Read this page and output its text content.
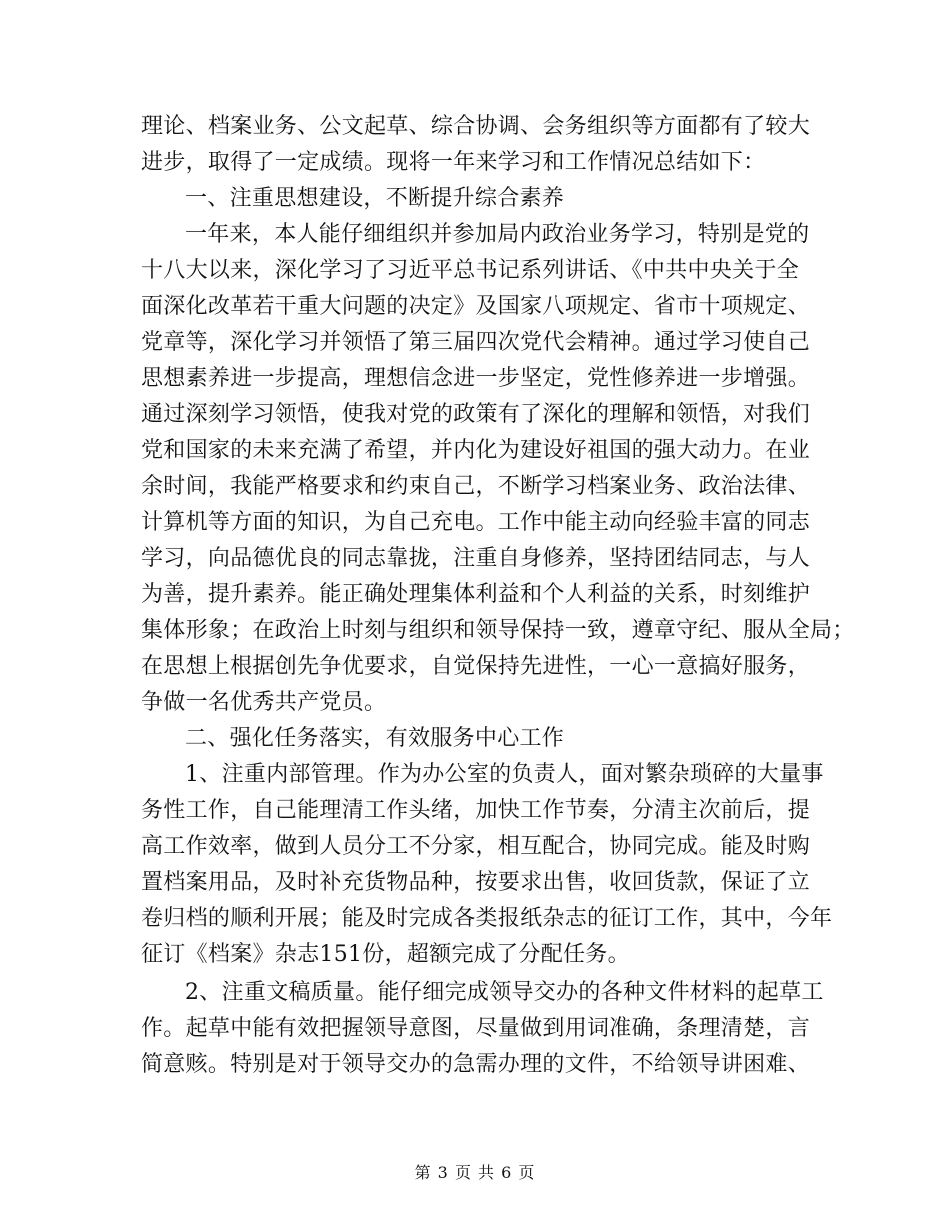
理论、档案业务、公文起草、综合协调、会务组织等方面都有了较大
进步，取得了一定成绩。现将一年来学习和工作情况总结如下：
一、注重思想建设，不断提升综合素养
一年来，本人能仔细组织并参加局内政治业务学习，特别是党的
十八大以来，深化学习了习近平总书记系列讲话、《中共中央关于全
面深化改革若干重大问题的决定》及国家八项规定、省市十项规定、
党章等，深化学习并领悟了第三届四次党代会精神。通过学习使自己
思想素养进一步提高，理想信念进一步坚定，党性修养进一步增强。
通过深刻学习领悟，使我对党的政策有了深化的理解和领悟，对我们
党和国家的未来充满了希望，并内化为建设好祖国的强大动力。在业
余时间，我能严格要求和约束自己，不断学习档案业务、政治法律、
计算机等方面的知识，为自己充电。工作中能主动向经验丰富的同志
学习，向品德优良的同志靠拢，注重自身修养，坚持团结同志，与人
为善，提升素养。能正确处理集体利益和个人利益的关系，时刻维护
集体形象；在政治上时刻与组织和领导保持一致，遵章守纪、服从全局；
在思想上根据创先争优要求，自觉保持先进性，一心一意搞好服务，
争做一名优秀共产党员。
二、强化任务落实，有效服务中心工作
1、注重内部管理。作为办公室的负责人，面对繁杂琐碎的大量事
务性工作，自己能理清工作头绪，加快工作节奏，分清主次前后，提
高工作效率，做到人员分工不分家，相互配合，协同完成。能及时购
置档案用品，及时补充货物品种，按要求出售，收回货款，保证了立
卷归档的顺利开展；能及时完成各类报纸杂志的征订工作，其中，今年
征订《档案》杂志151份，超额完成了分配任务。
2、注重文稿质量。能仔细完成领导交办的各种文件材料的起草工
作。起草中能有效把握领导意图，尽量做到用词准确，条理清楚，言
简意赅。特别是对于领导交办的急需办理的文件，不给领导讲困难、
第 3 页 共 6 页
